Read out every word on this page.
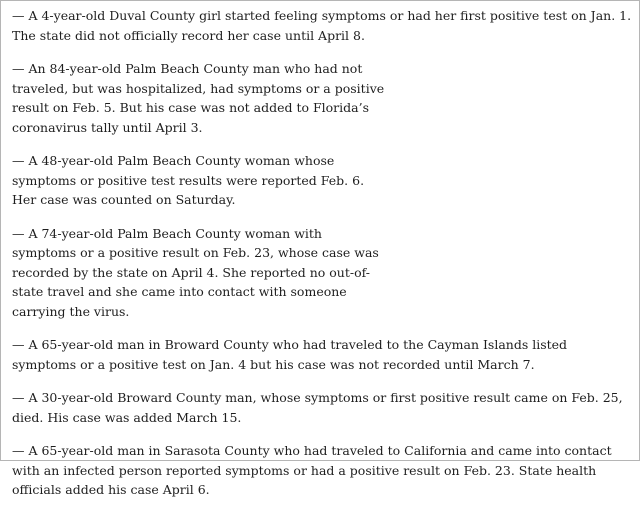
— A 4-year-old Duval County girl started feeling symptoms or had her first positive test on Jan. 1. The state did not officially record her case until April 8.

— An 84-year-old Palm Beach County man who had not traveled, but was hospitalized, had symptoms or a positive result on Feb. 5. But his case was not added to Florida’s coronavirus tally until April 3.

— A 48-year-old Palm Beach County woman whose symptoms or positive test results were reported Feb. 6. Her case was counted on Saturday.

— A 74-year-old Palm Beach County woman with symptoms or a positive result on Feb. 23, whose case was recorded by the state on April 4. She reported no out-of-state travel and she came into contact with someone carrying the virus.

— A 65-year-old man in Broward County who had traveled to the Cayman Islands listed symptoms or a positive test on Jan. 4 but his case was not recorded until March 7.

— A 30-year-old Broward County man, whose symptoms or first positive result came on Feb. 25, died. His case was added March 15.

— A 65-year-old man in Sarasota County who had traveled to California and came into contact with an infected person reported symptoms or had a positive result on Feb. 23. State health officials added his case April 6.
